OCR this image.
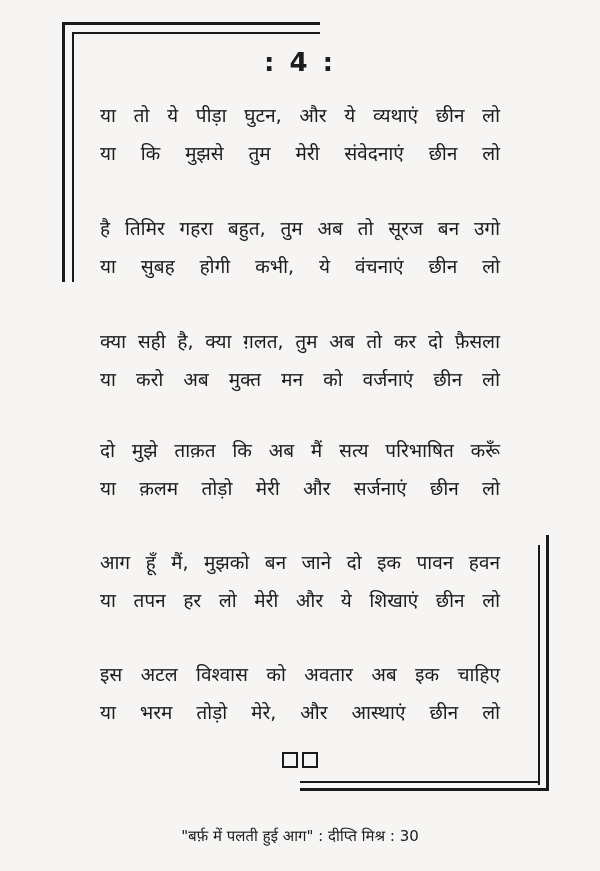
: 4 :
या तो ये पीड़ा घुटन, और ये व्यथाएं छीन लो
या कि मुझसे तुम मेरी संवेदनाएं छीन लो
है तिमिर गहरा बहुत, तुम अब तो सूरज बन उगो
या सुबह होगी कभी, ये वंचनाएं छीन लो
क्या सही है, क्या ग़लत, तुम अब तो कर दो फ़ैसला
या करो अब मुक्त मन को वर्जनाएं छीन लो
दो मुझे ताक़त कि अब मैं सत्य परिभाषित करूँ
या क़लम तोड़ो मेरी और सर्जनाएं छीन लो
आग हूँ मैं, मुझको बन जाने दो इक पावन हवन
या तपन हर लो मेरी और ये शिखाएं छीन लो
इस अटल विश्वास को अवतार अब इक चाहिए
या भरम तोड़ो मेरे, और आस्थाएं छीन लो
"बर्फ़ में पलती हुई आग" : दीप्ति मिश्र : 30
